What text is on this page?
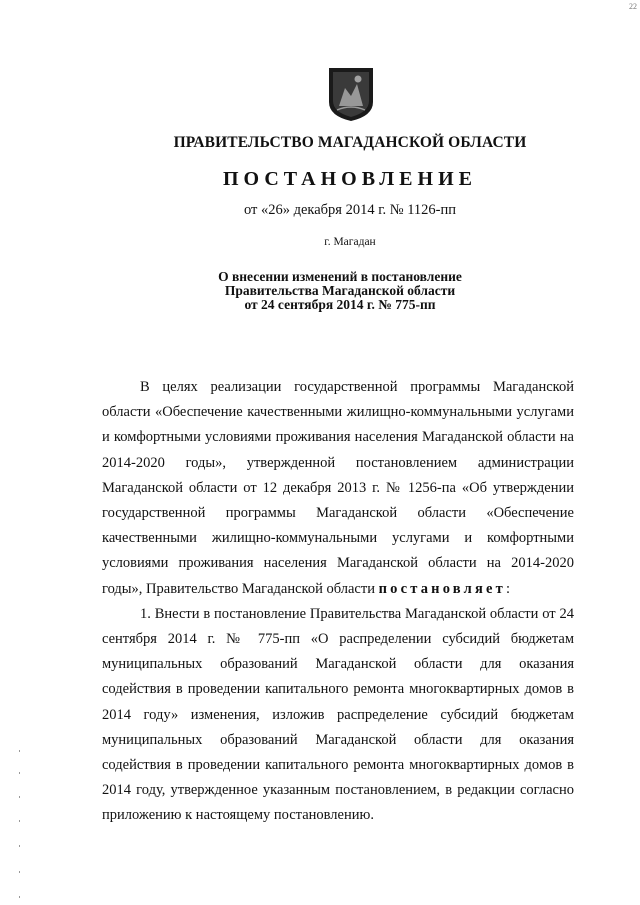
22
ПРАВИТЕЛЬСТВО МАГАДАНСКОЙ ОБЛАСТИ
ПОСТАНОВЛЕНИЕ
от «26» декабря 2014 г. № 1126-пп
г. Магадан
О внесении изменений в постановление
Правительства Магаданской области
от 24 сентября 2014 г. № 775-пп

В целях реализации государственной программы Магаданской области «Обеспечение качественными жилищно-коммунальными услугами и комфортными условиями проживания населения Магаданской области на 2014-2020 годы», утвержденной постановлением администрации Магаданской области от 12 декабря 2013 г. № 1256-па «Об утверждении государственной программы Магаданской области «Обеспечение качественными жилищно-коммунальными услугами и комфортными условиями проживания населения Магаданской области на 2014-2020 годы», Правительство Магаданской области постановляет:

1. Внести в постановление Правительства Магаданской области от 24 сентября 2014 г. № 775-пп «О распределении субсидий бюджетам муниципальных образований Магаданской области для оказания содействия в проведении капитального ремонта многоквартирных домов в 2014 году» изменения, изложив распределение субсидий бюджетам муниципальных образований Магаданской области для оказания содействия в проведении капитального ремонта многоквартирных домов в 2014 году, утвержденное указанным постановлением, в редакции согласно приложению к настоящему постановлению.
